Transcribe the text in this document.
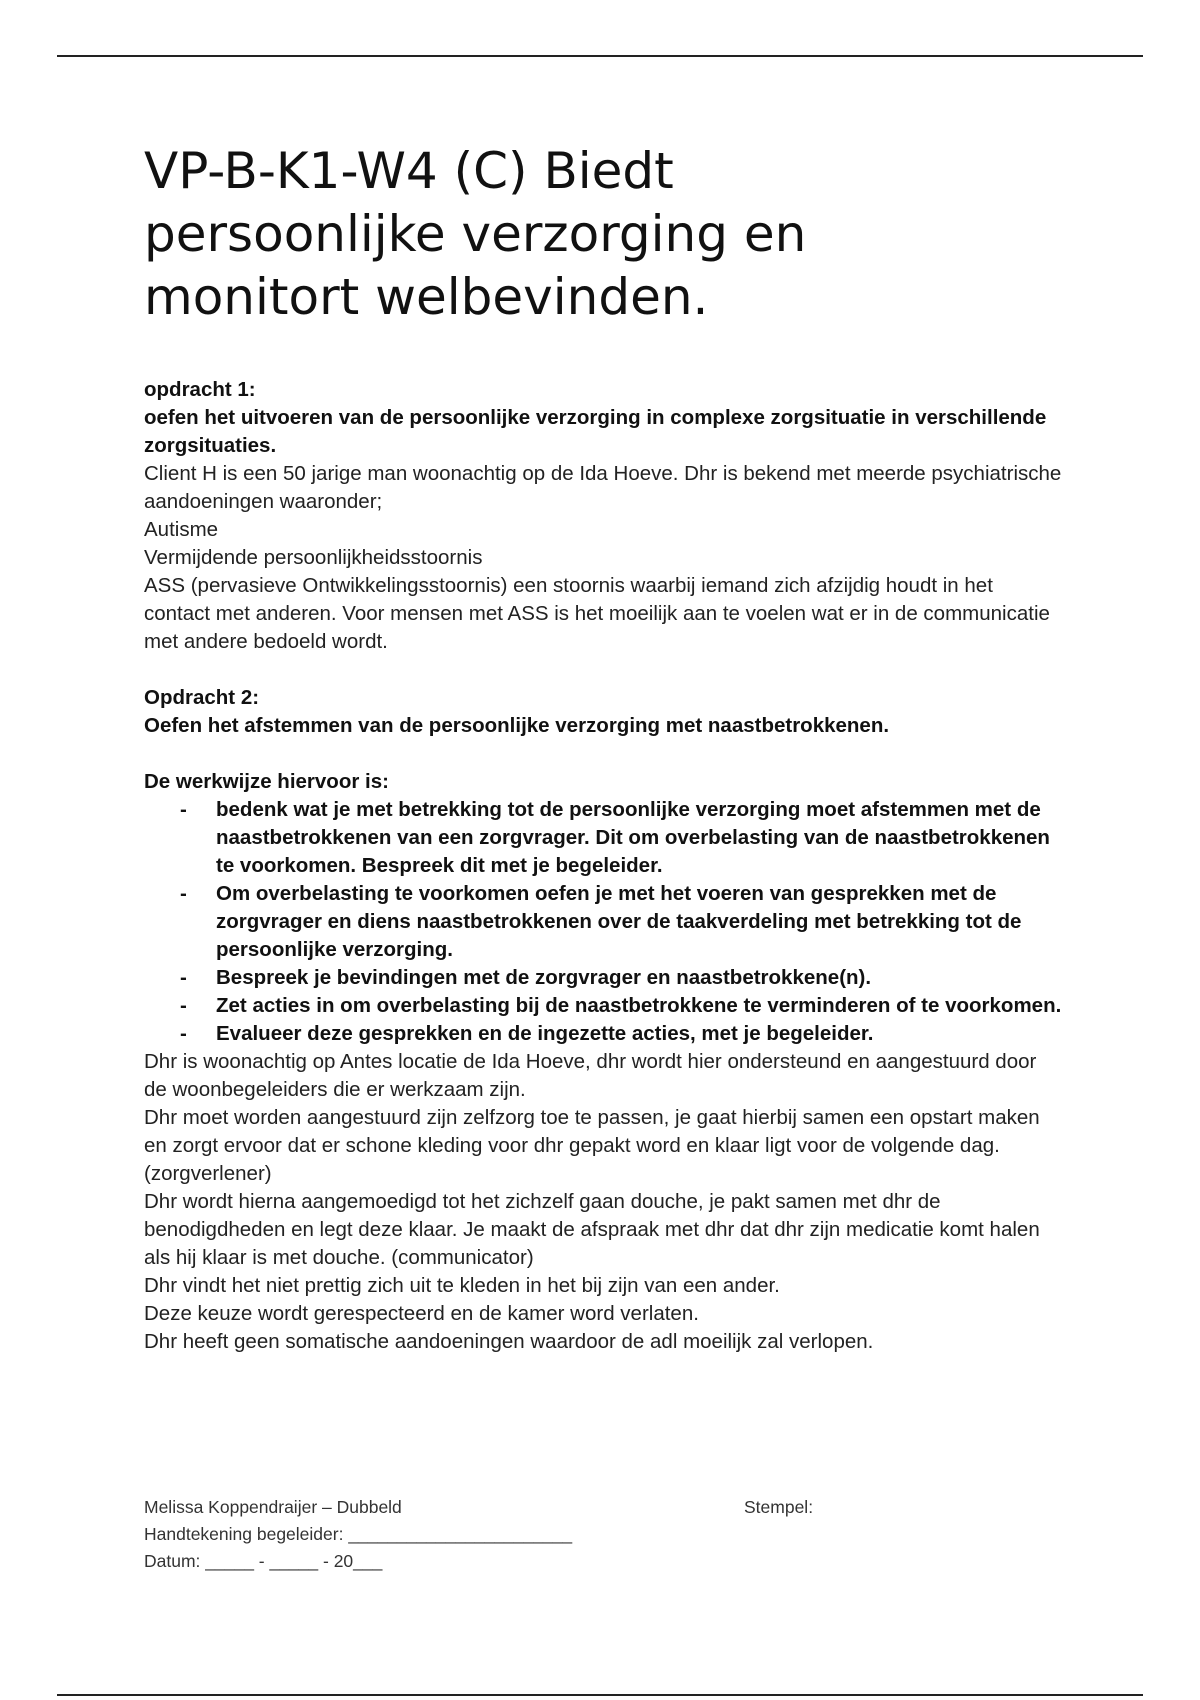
VP-B-K1-W4 (C) Biedt persoonlijke verzorging en monitort welbevinden.

opdracht 1:

oefen het uitvoeren van de persoonlijke verzorging in complexe zorgsituatie in verschillende zorgsituaties.

Client H is een 50 jarige man woonachtig op de Ida Hoeve. Dhr is bekend met meerde psychiatrische aandoeningen waaronder;

Autisme

Vermijdende persoonlijkheidsstoornis

ASS (pervasieve Ontwikkelingsstoornis) een stoornis waarbij iemand zich afzijdig houdt in het contact met anderen. Voor mensen met ASS is het moeilijk aan te voelen wat er in de communicatie met andere bedoeld wordt.

Opdracht 2:

Oefen het afstemmen van de persoonlijke verzorging met naastbetrokkenen.

De werkwijze hiervoor is:

- bedenk wat je met betrekking tot de persoonlijke verzorging moet afstemmen met de naastbetrokkenen van een zorgvrager. Dit om overbelasting van de naastbetrokkenen te voorkomen. Bespreek dit met je begeleider.
- Om overbelasting te voorkomen oefen je met het voeren van gesprekken met de zorgvrager en diens naastbetrokkenen over de taakverdeling met betrekking tot de persoonlijke verzorging.
- Bespreek je bevindingen met de zorgvrager en naastbetrokkene(n).
- Zet acties in om overbelasting bij de naastbetrokkene te verminderen of te voorkomen.
- Evalueer deze gesprekken en de ingezette acties, met je begeleider.

Dhr is woonachtig op Antes locatie de Ida Hoeve, dhr wordt hier ondersteund en aangestuurd door de woonbegeleiders die er werkzaam zijn.

Dhr moet worden aangestuurd zijn zelfzorg toe te passen, je gaat hierbij samen een opstart maken en zorgt ervoor dat er schone kleding voor dhr gepakt word en klaar ligt voor de volgende dag. (zorgverlener)

Dhr wordt hierna aangemoedigd tot het zichzelf gaan douche, je pakt samen met dhr de benodigdheden en legt deze klaar. Je maakt de afspraak met dhr dat dhr zijn medicatie komt halen als hij klaar is met douche. (communicator)

Dhr vindt het niet prettig zich uit te kleden in het bij zijn van een ander.

Deze keuze wordt gerespecteerd en de kamer word verlaten.

Dhr heeft geen somatische aandoeningen waardoor de adl moeilijk zal verlopen.

Melissa Koppendraijer – Dubbeld

Handtekening begeleider: _______________________

Datum: _____ - _____ - 20___

Stempel:
